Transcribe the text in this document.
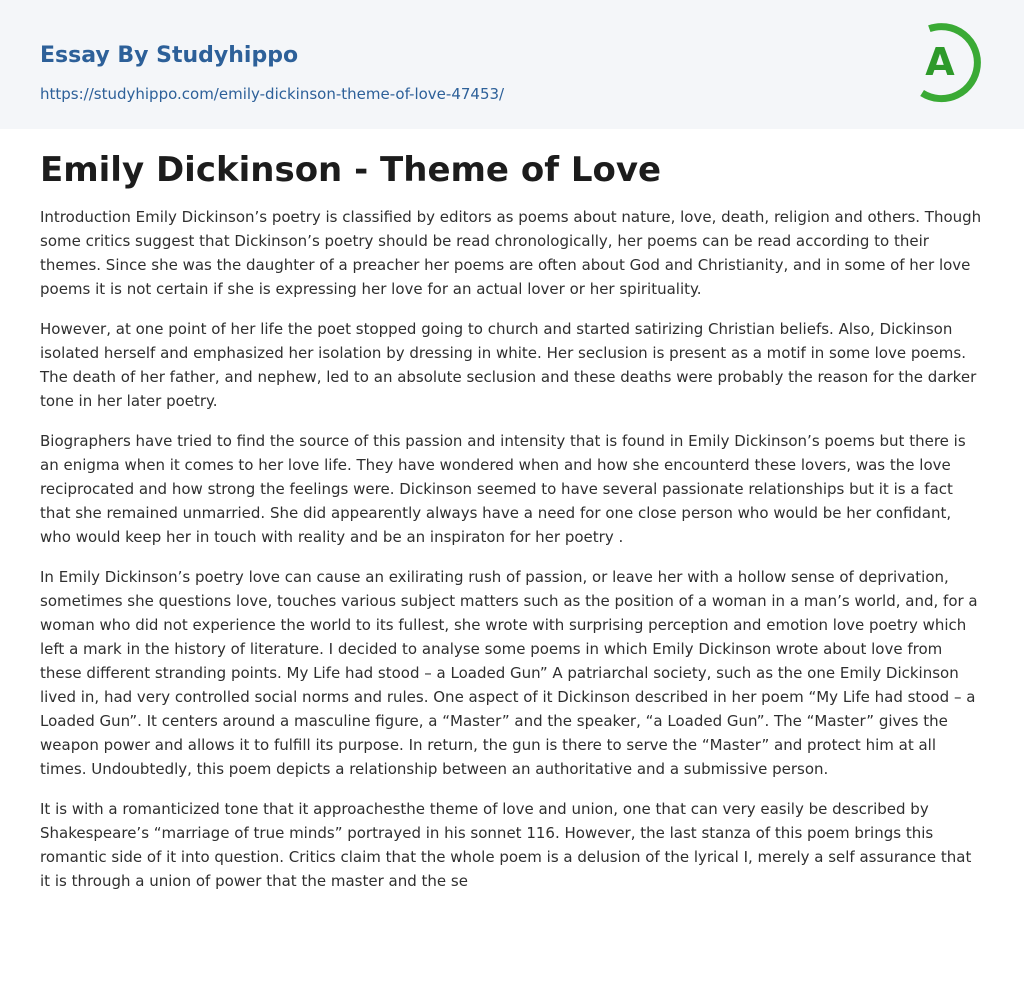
Essay By Studyhippo
https://studyhippo.com/emily-dickinson-theme-of-love-47453/
A
Emily Dickinson - Theme of Love

Introduction Emily Dickinson’s poetry is classified by editors as poems about nature, love, death, religion and others. Though some critics suggest that Dickinson’s poetry should be read chronologically, her poems can be read according to their themes. Since she was the daughter of a preacher her poems are often about God and Christianity, and in some of her love poems it is not certain if she is expressing her love for an actual lover or her spirituality.

However, at one point of her life the poet stopped going to church and started satirizing Christian beliefs. Also, Dickinson isolated herself and emphasized her isolation by dressing in white. Her seclusion is present as a motif in some love poems. The death of her father, and nephew, led to an absolute seclusion and these deaths were probably the reason for the darker tone in her later poetry.

Biographers have tried to find the source of this passion and intensity that is found in Emily Dickinson’s poems but there is an enigma when it comes to her love life. They have wondered when and how she encounterd these lovers, was the love reciprocated and how strong the feelings were. Dickinson seemed to have several passionate relationships but it is a fact that she remained unmarried. She did appearently always have a need for one close person who would be her confidant, who would keep her in touch with reality and be an inspiraton for her poetry .

In Emily Dickinson’s poetry love can cause an exilirating rush of passion, or leave her with a hollow sense of deprivation, sometimes she questions love, touches various subject matters such as the position of a woman in a man’s world, and, for a woman who did not experience the world to its fullest, she wrote with surprising perception and emotion love poetry which left a mark in the history of literature. I decided to analyse some poems in which Emily Dickinson wrote about love from these different stranding points. My Life had stood – a Loaded Gun” A patriarchal society, such as the one Emily Dickinson lived in, had very controlled social norms and rules. One aspect of it Dickinson described in her poem “My Life had stood – a Loaded Gun”. It centers around a masculine figure, a “Master” and the speaker, “a Loaded Gun”. The “Master” gives the weapon power and allows it to fulfill its purpose. In return, the gun is there to serve the “Master” and protect him at all times. Undoubtedly, this poem depicts a relationship between an authoritative and a submissive person.

It is with a romanticized tone that it approachesthe theme of love and union, one that can very easily be described by Shakespeare’s “marriage of true minds” portrayed in his sonnet 116. However, the last stanza of this poem brings this romantic side of it into question. Critics claim that the whole poem is a delusion of the lyrical I, merely a self assurance that it is through a union of power that the master and the se
